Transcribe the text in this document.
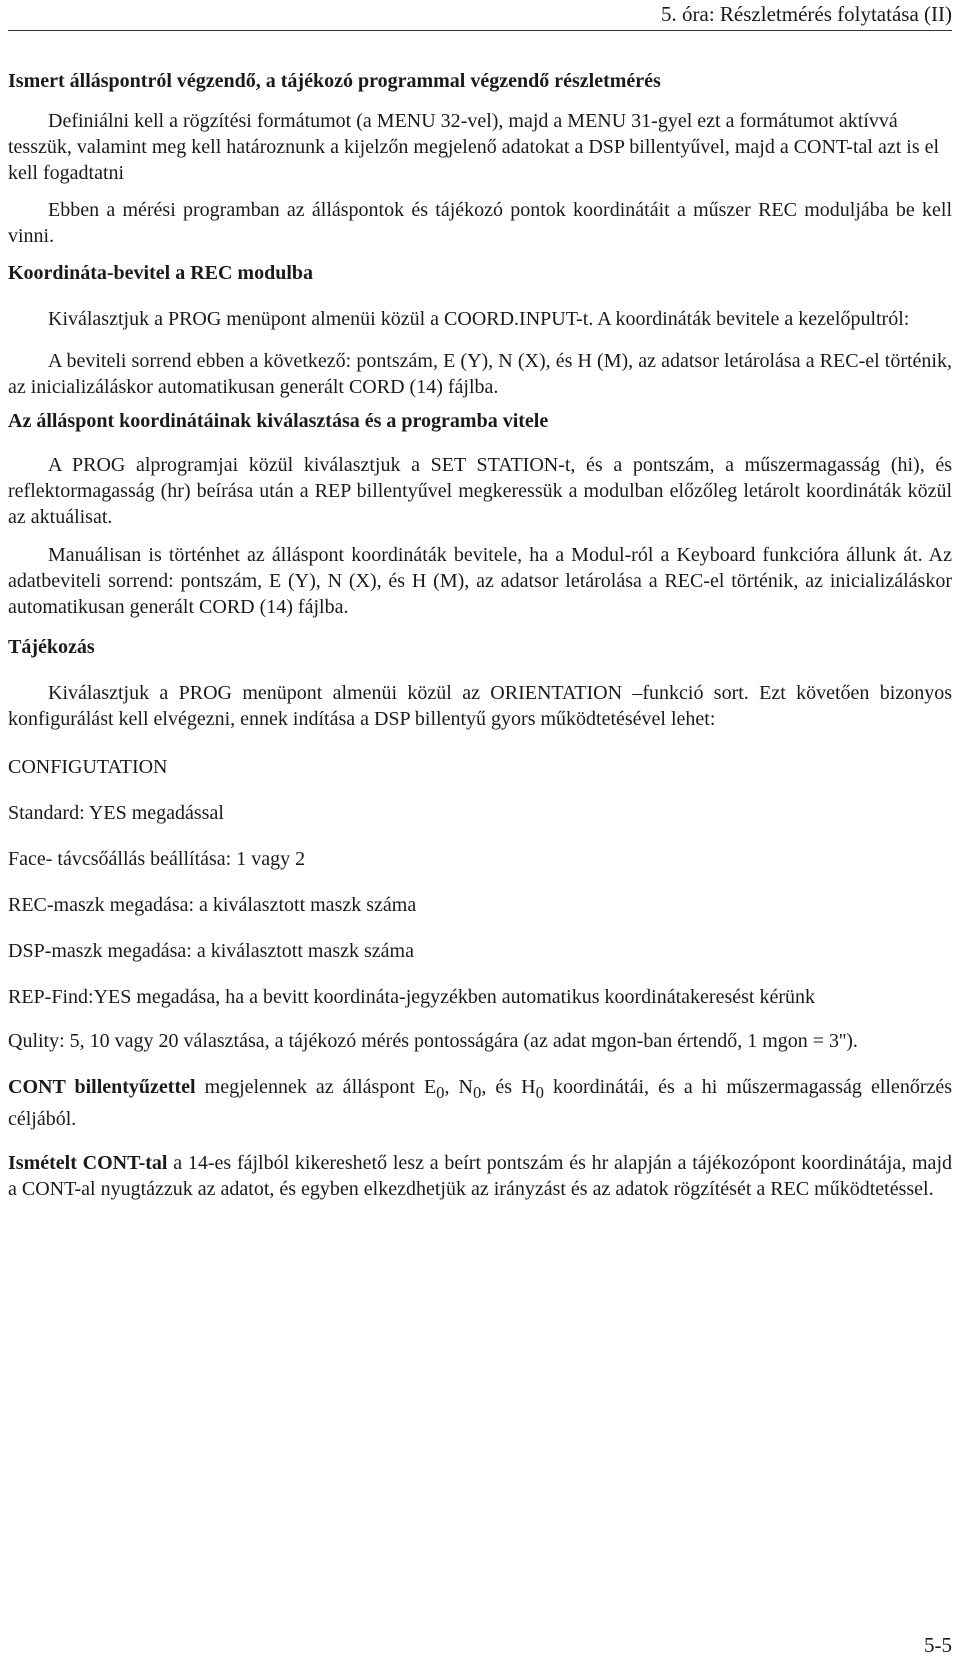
5. óra: Részletmérés folytatása (II)

Ismert álláspontról végzendő, a tájékozó programmal végzendő részletmérés

Definiálni kell a rögzítési formátumot (a MENU 32-vel), majd a MENU 31-gyel ezt a formátumot aktívvá tesszük, valamint meg kell határoznunk a kijelzőn megjelenő adatokat a DSP billentyűvel, majd a CONT-tal azt is el kell fogadtatni

Ebben a mérési programban az álláspontok és tájékozó pontok koordinátáit a műszer REC moduljába be kell vinni.

Koordináta-bevitel a REC modulba

Kiválasztjuk a PROG menüpont almenüi közül a COORD.INPUT-t. A koordináták bevitele a kezelőpultról:

A beviteli sorrend ebben a következő: pontszám, E (Y), N (X), és H (M), az adatsor letárolása a REC-el történik, az inicializáláskor automatikusan generált CORD (14) fájlba.

Az álláspont koordinátáinak kiválasztása és a programba vitele

A PROG alprogramjai közül kiválasztjuk a SET STATION-t, és a pontszám, a műszermagasság (hi), és reflektormagasság (hr) beírása után a REP billentyűvel megkeressük a modulban előzőleg letárolt koordináták közül az aktuálisat.

Manuálisan is történhet az álláspont koordináták bevitele, ha a Modul-ról a Keyboard funkcióra állunk át. Az adatbeviteli sorrend: pontszám, E (Y), N (X), és H (M), az adatsor letárolása a REC-el történik, az inicializáláskor automatikusan generált CORD (14) fájlba.

Tájékozás

Kiválasztjuk a PROG menüpont almenüi közül az ORIENTATION –funkció sort. Ezt követően bizonyos konfigurálást kell elvégezni, ennek indítása a DSP billentyű gyors működtetésével lehet:

CONFIGUTATION

Standard: YES megadással

Face- távcsőállás beállítása: 1 vagy 2

REC-maszk megadása: a kiválasztott maszk száma

DSP-maszk megadása: a kiválasztott maszk száma

REP-Find:YES megadása, ha a bevitt koordináta-jegyzékben automatikus koordinátakeresést kérünk

Qulity: 5, 10 vagy 20 választása, a tájékozó mérés pontosságára (az adat mgon-ban értendő, 1 mgon = 3'').

CONT billentyűzettel megjelennek az álláspont $E_0$, $N_0$, és $H_0$ koordinátái, és a hi műszermagasság ellenőrzés céljából.

Ismételt CONT-tal a 14-es fájlból kikereshető lesz a beírt pontszám és hr alapján a tájékozópont koordinátája, majd a CONT-al nyugtázzuk az adatot, és egyben elkezdhetjük az irányzást és az adatok rögzítését a REC működtetéssel.

5-5
